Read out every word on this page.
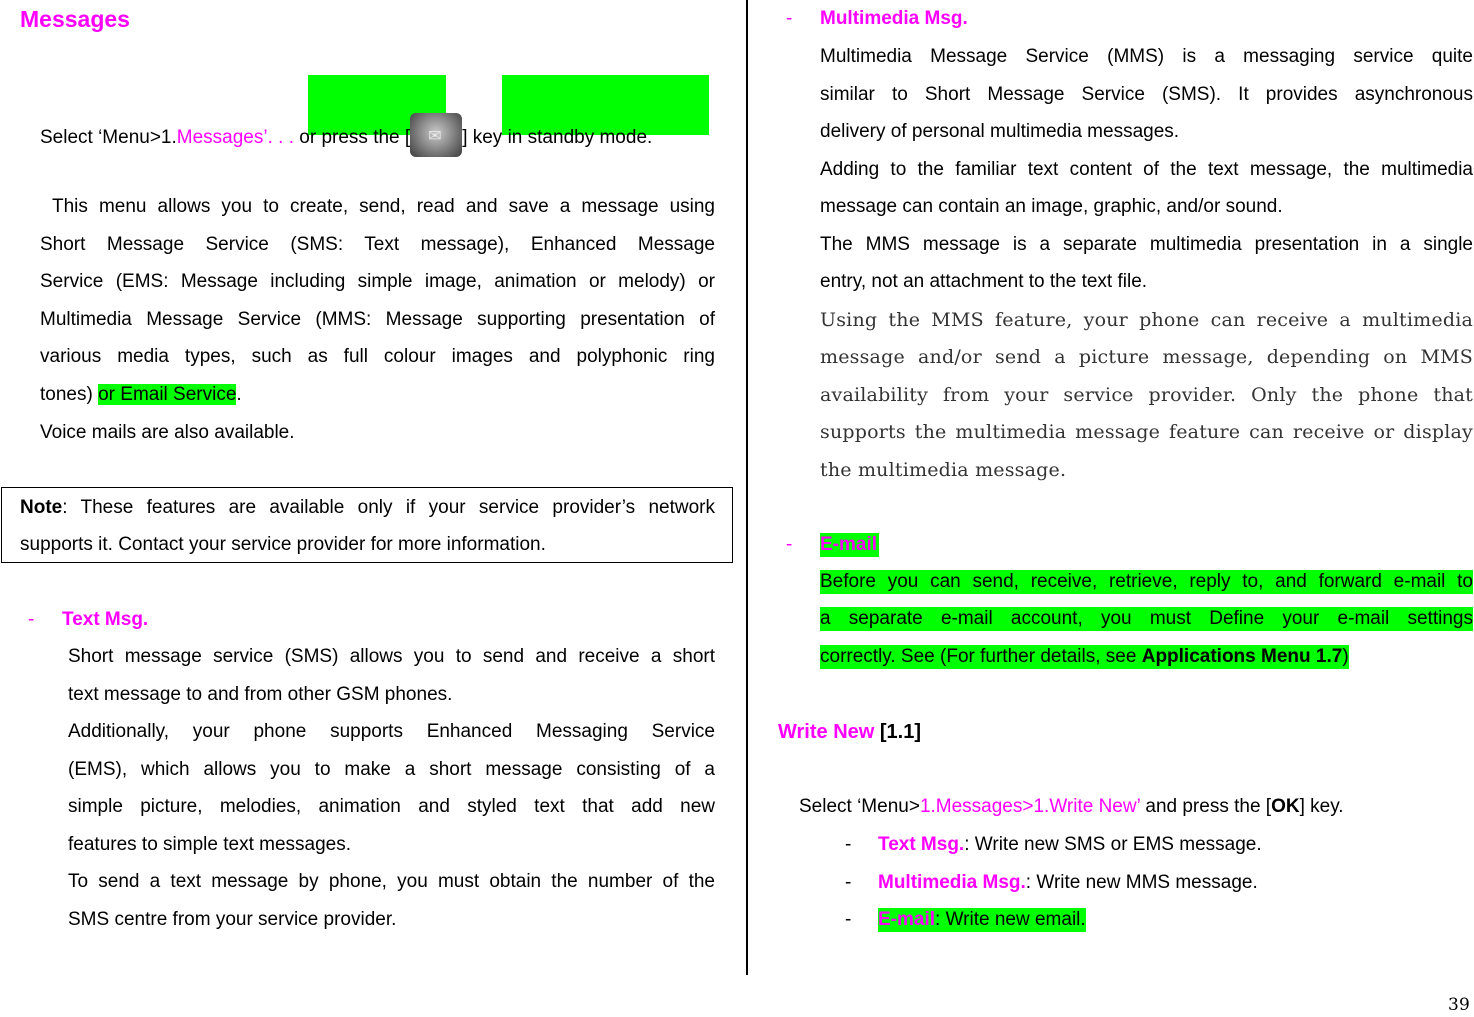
Messages
Select ‘Menu>1.Messages’. . . or press the [ ✉ ] key in standby mode.
This menu allows you to create, send, read and save a message using
Short Message Service (SMS: Text message), Enhanced Message
Service (EMS: Message including simple image, animation or melody) or
Multimedia Message Service (MMS: Message supporting presentation of
various media types, such as full colour images and polyphonic ring
tones) or Email Service.
Voice mails are also available.
Note: These features are available only if your service provider’s network
supports it. Contact your service provider for more information.
- Text Msg.
Short message service (SMS) allows you to send and receive a short
text message to and from other GSM phones.
Additionally, your phone supports Enhanced Messaging Service
(EMS), which allows you to make a short message consisting of a
simple picture, melodies, animation and styled text that add new
features to simple text messages.
To send a text message by phone, you must obtain the number of the
SMS centre from your service provider.
- Multimedia Msg.
Multimedia Message Service (MMS) is a messaging service quite
similar to Short Message Service (SMS). It provides asynchronous
delivery of personal multimedia messages.
Adding to the familiar text content of the text message, the multimedia
message can contain an image, graphic, and/or sound.
The MMS message is a separate multimedia presentation in a single
entry, not an attachment to the text file.
Using the MMS feature, your phone can receive a multimedia
message and/or send a picture message, depending on MMS
availability from your service provider. Only the phone that
supports the multimedia message feature can receive or display
the multimedia message.
- E-mail
Before you can send, receive, retrieve, reply to, and forward e-mail to
a separate e-mail account, you must Define your e-mail settings
correctly. See (For further details, see Applications Menu 1.7)
Write New [1.1]
Select ‘Menu>1.Messages>1.Write New’ and press the [OK] key.
- Text Msg.: Write new SMS or EMS message.
- Multimedia Msg.: Write new MMS message.
- E-mail: Write new email.
39
